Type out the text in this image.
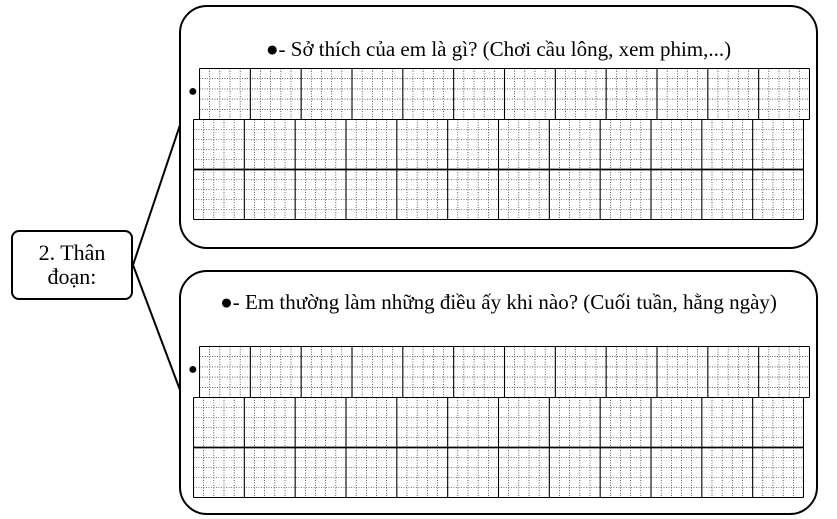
2. Thân
đoạn:
●- Sở thích của em là gì? (Chơi cầu lông, xem phim,...)
●- Em thường làm những điều ấy khi nào? (Cuối tuần, hằng ngày)
●
●
